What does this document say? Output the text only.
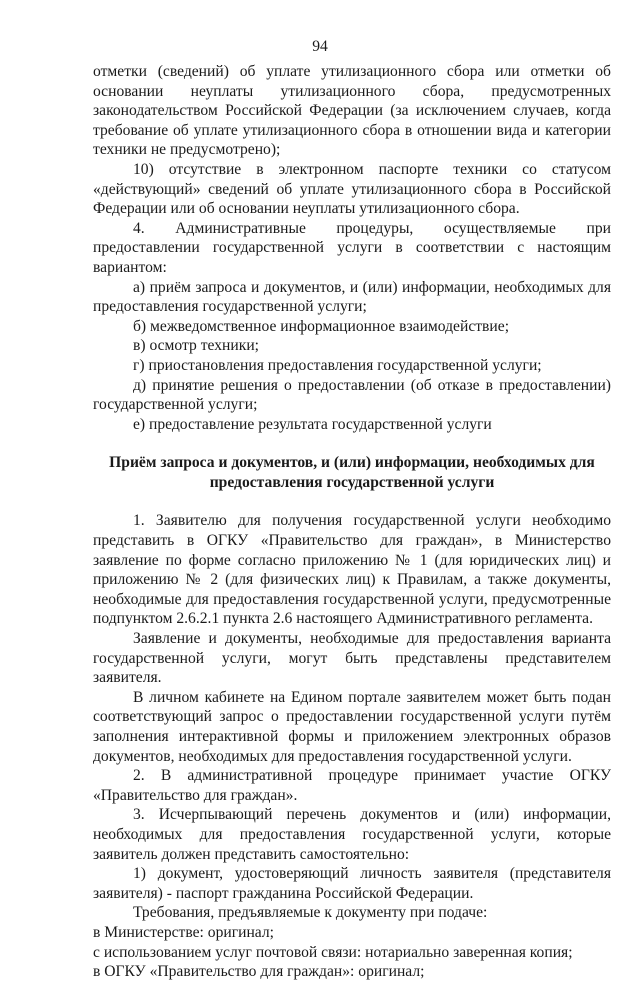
94

отметки (сведений) об уплате утилизационного сбора или отметки об основании неуплаты утилизационного сбора, предусмотренных законодательством Российской Федерации (за исключением случаев, когда требование об уплате утилизационного сбора в отношении вида и категории техники не предусмотрено);

10) отсутствие в электронном паспорте техники со статусом «действующий» сведений об уплате утилизационного сбора в Российской Федерации или об основании неуплаты утилизационного сбора.

4. Административные процедуры, осуществляемые при предоставлении государственной услуги в соответствии с настоящим вариантом:

а) приём запроса и документов, и (или) информации, необходимых для предоставления государственной услуги;

б) межведомственное информационное взаимодействие;

в) осмотр техники;

г) приостановления предоставления государственной услуги;

д) принятие решения о предоставлении (об отказе в предоставлении) государственной услуги;

е) предоставление результата государственной услуги

Приём запроса и документов, и (или) информации, необходимых для предоставления государственной услуги

1. Заявителю для получения государственной услуги необходимо представить в ОГКУ «Правительство для граждан», в Министерство заявление по форме согласно приложению № 1 (для юридических лиц) и приложению № 2 (для физических лиц) к Правилам, а также документы, необходимые для предоставления государственной услуги, предусмотренные подпунктом 2.6.2.1 пункта 2.6 настоящего Административного регламента.

Заявление и документы, необходимые для предоставления варианта государственной услуги, могут быть представлены представителем заявителя.

В личном кабинете на Едином портале заявителем может быть подан соответствующий запрос о предоставлении государственной услуги путём заполнения интерактивной формы и приложением электронных образов документов, необходимых для предоставления государственной услуги.

2. В административной процедуре принимает участие ОГКУ «Правительство для граждан».

3. Исчерпывающий перечень документов и (или) информации, необходимых для предоставления государственной услуги, которые заявитель должен представить самостоятельно:

1) документ, удостоверяющий личность заявителя (представителя заявителя) - паспорт гражданина Российской Федерации.

Требования, предъявляемые к документу при подаче:

в Министерстве: оригинал;

с использованием услуг почтовой связи: нотариально заверенная копия;

в ОГКУ «Правительство для граждан»: оригинал;
